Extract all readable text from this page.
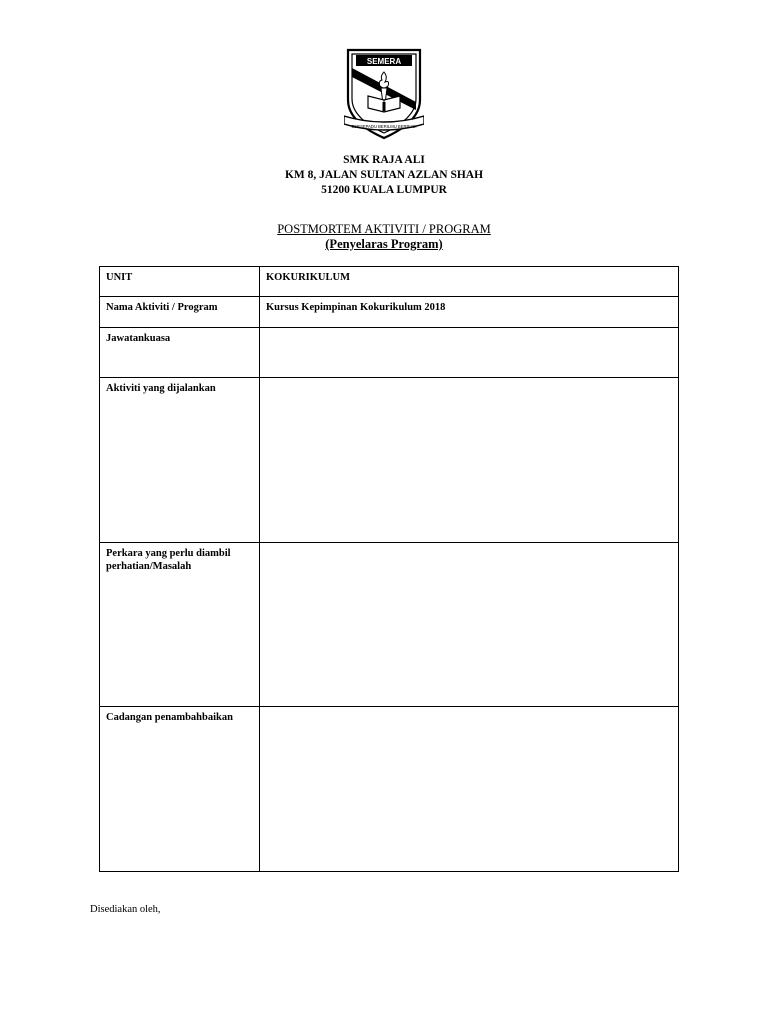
SEMERA
BERSEPADU BERILMU BERBUDI
SMK RAJA ALI
KM 8, JALAN SULTAN AZLAN SHAH
51200 KUALA LUMPUR
POSTMORTEM AKTIVITI / PROGRAM
(Penyelaras Program)
UNIT	KOKURIKULUM
Nama Aktiviti / Program	Kursus Kepimpinan Kokurikulum 2018
Jawatankuasa	
Aktiviti yang dijalankan	
Perkara yang perlu diambil perhatian/Masalah	
Cadangan penambahbaikan	
Disediakan oleh,
